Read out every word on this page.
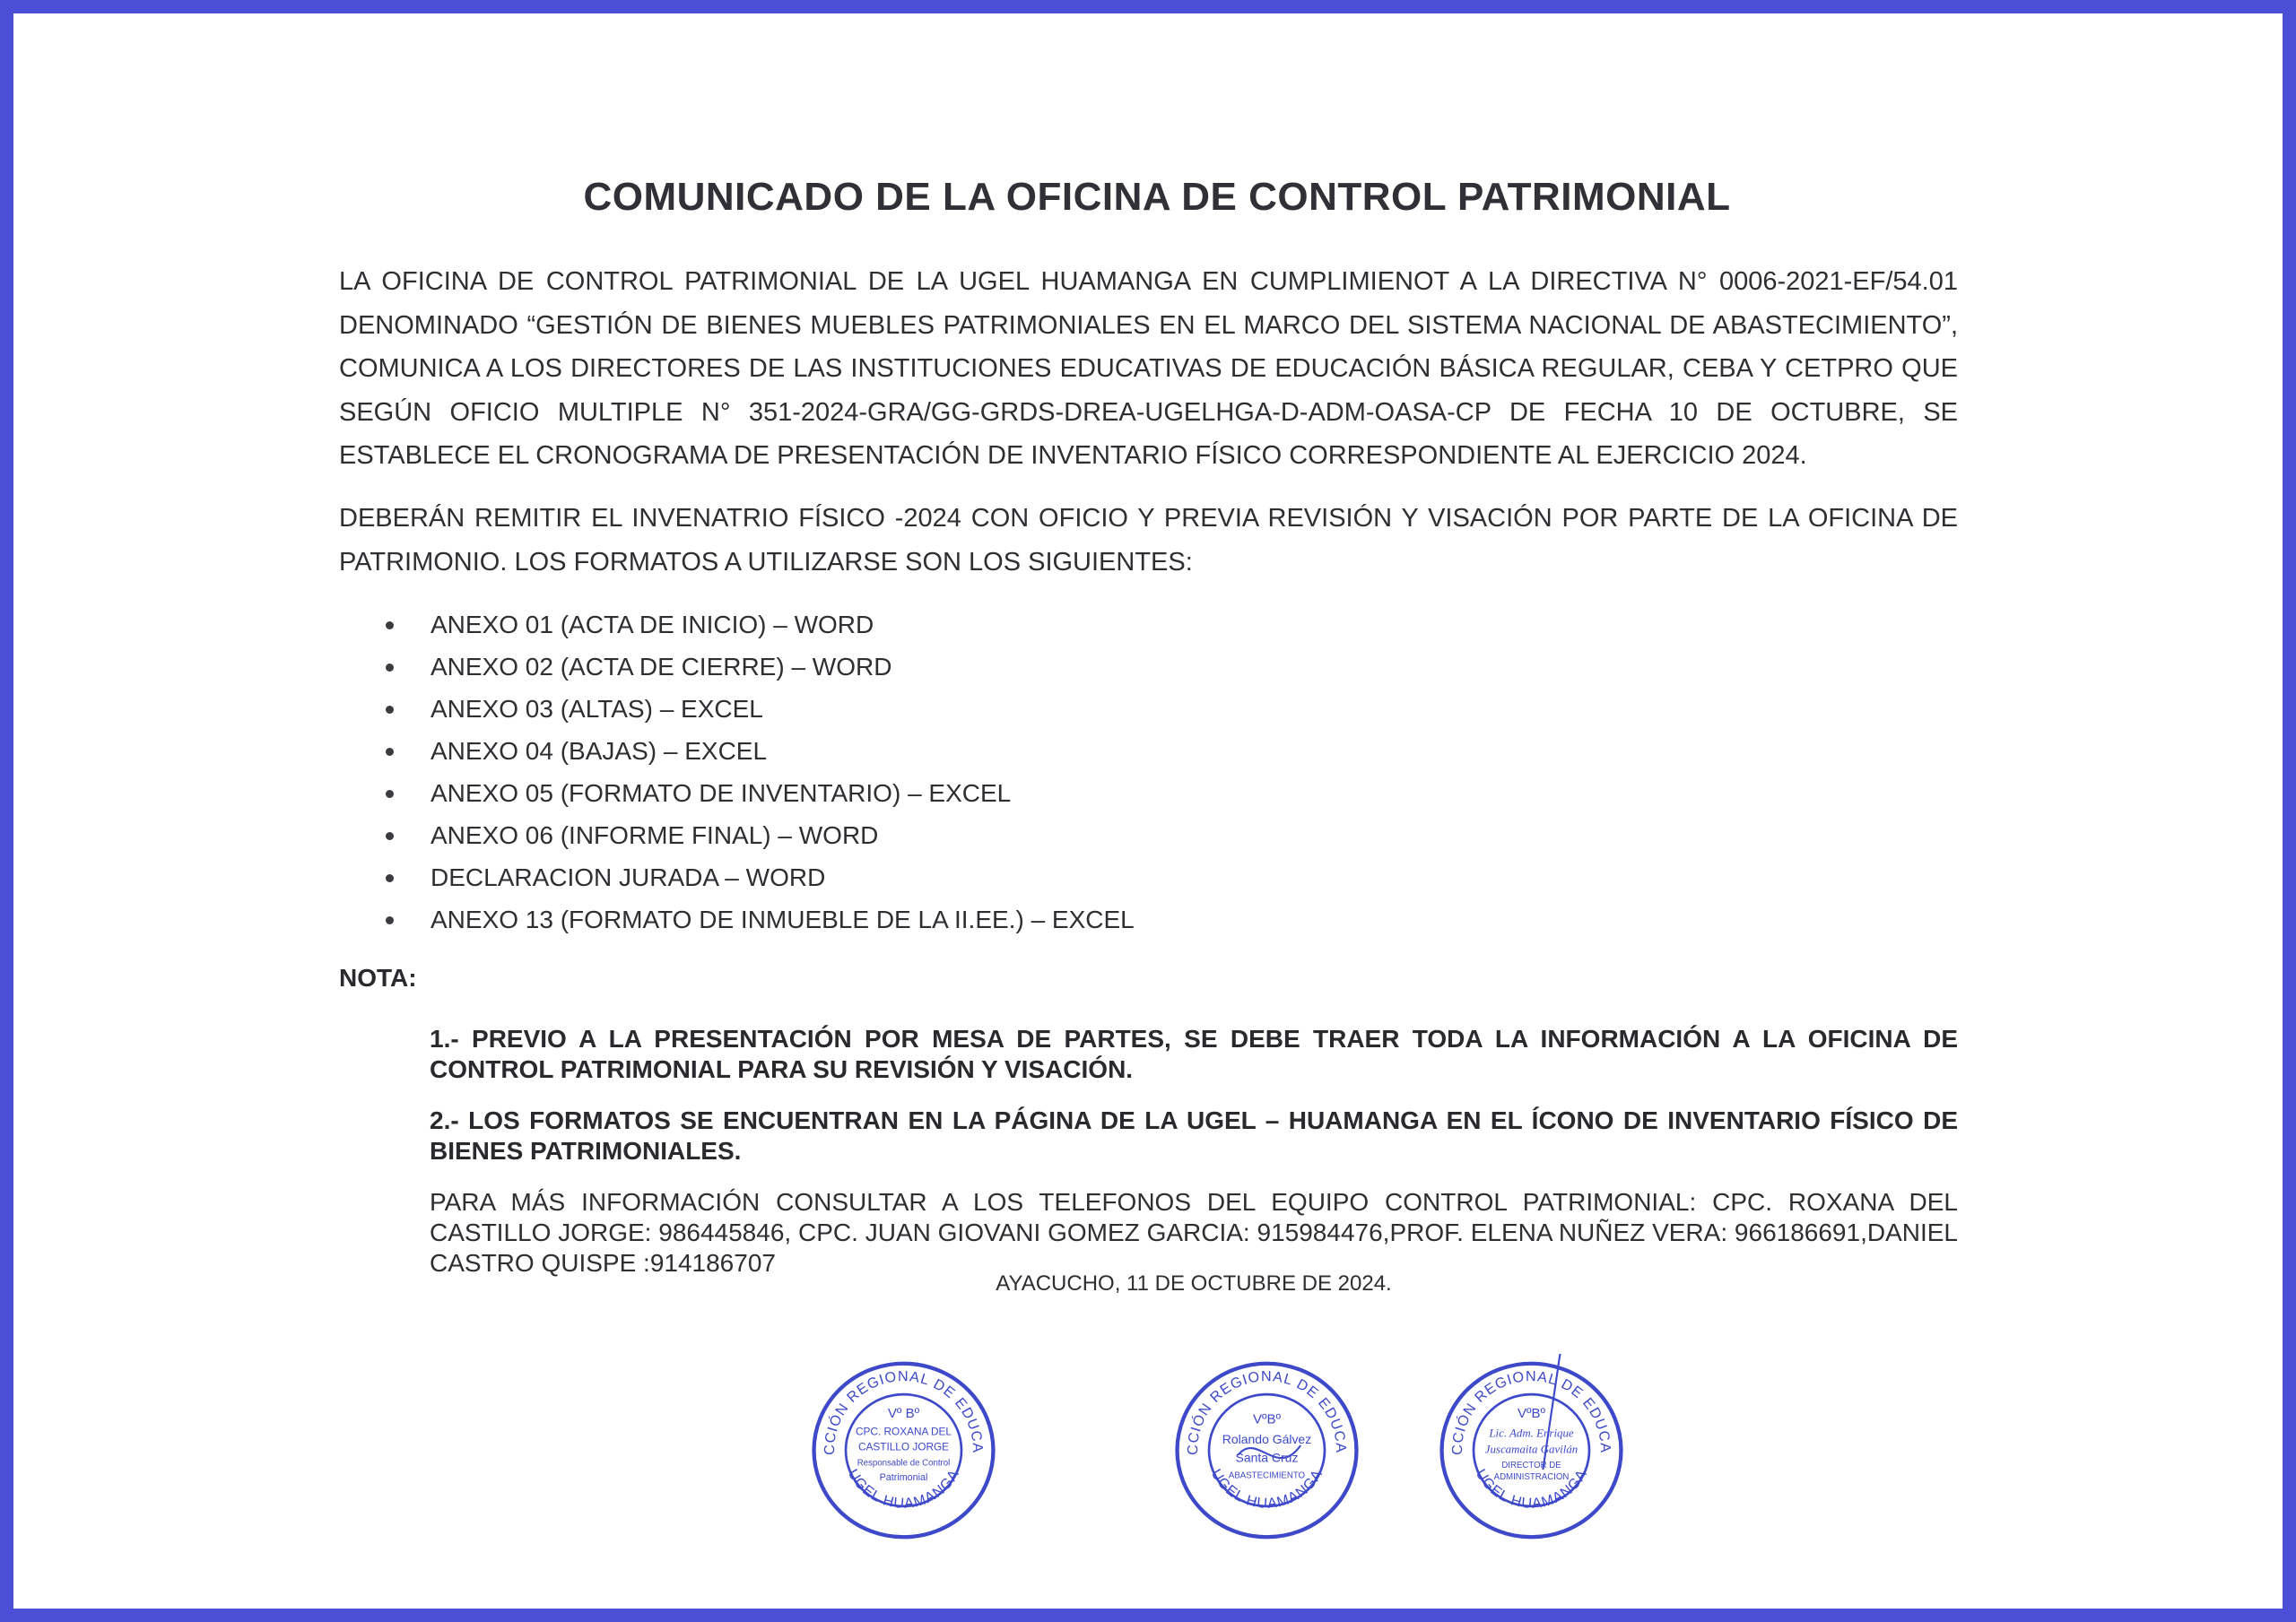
COMUNICADO DE LA OFICINA DE CONTROL PATRIMONIAL

LA OFICINA DE CONTROL PATRIMONIAL DE LA UGEL HUAMANGA EN CUMPLIMIENOT A LA DIRECTIVA N° 0006-2021-EF/54.01 DENOMINADO “GESTIÓN DE BIENES MUEBLES PATRIMONIALES EN EL MARCO DEL SISTEMA NACIONAL DE ABASTECIMIENTO”, COMUNICA A LOS DIRECTORES DE LAS INSTITUCIONES EDUCATIVAS DE EDUCACIÓN BÁSICA REGULAR, CEBA Y CETPRO QUE SEGÚN OFICIO MULTIPLE N° 351-2024-GRA/GG-GRDS-DREA-UGELHGA-D-ADM-OASA-CP DE FECHA 10 DE OCTUBRE, SE ESTABLECE EL CRONOGRAMA DE PRESENTACIÓN DE INVENTARIO FÍSICO CORRESPONDIENTE AL EJERCICIO 2024.

DEBERÁN REMITIR EL INVENATRIO FÍSICO -2024 CON OFICIO Y PREVIA REVISIÓN Y VISACIÓN POR PARTE DE LA OFICINA DE PATRIMONIO. LOS FORMATOS A UTILIZARSE SON LOS SIGUIENTES:

ANEXO 01 (ACTA DE INICIO) – WORD
ANEXO 02 (ACTA DE CIERRE) – WORD
ANEXO 03 (ALTAS) – EXCEL
ANEXO 04 (BAJAS) – EXCEL
ANEXO 05 (FORMATO DE INVENTARIO) – EXCEL
ANEXO 06 (INFORME FINAL) – WORD
DECLARACION JURADA – WORD
ANEXO 13 (FORMATO DE INMUEBLE DE LA II.EE.) – EXCEL

NOTA:

1.- PREVIO A LA PRESENTACIÓN POR MESA DE PARTES, SE DEBE TRAER TODA LA INFORMACIÓN A LA OFICINA DE CONTROL PATRIMONIAL PARA SU REVISIÓN Y VISACIÓN.

2.- LOS FORMATOS SE ENCUENTRAN EN LA PÁGINA DE LA UGEL – HUAMANGA EN EL ÍCONO DE INVENTARIO FÍSICO DE BIENES PATRIMONIALES.

PARA MÁS INFORMACIÓN CONSULTAR A LOS TELEFONOS DEL EQUIPO CONTROL PATRIMONIAL: CPC. ROXANA DEL CASTILLO JORGE: 986445846, CPC. JUAN GIOVANI GOMEZ GARCIA: 915984476,PROF. ELENA NUÑEZ VERA: 966186691,DANIEL CASTRO QUISPE :914186707

AYACUCHO, 11 DE OCTUBRE DE 2024.

CCIÓN REGIONAL DE EDUCA
UGEL HUAMANGA
Vº Bº
CPC. ROXANA DEL
CASTILLO JORGE
Responsable de Control
Patrimonial
CCIÓN REGIONAL DE EDUCA
UGEL HUAMANGA
VºBº
Rolando Gálvez
Santa Cruz
ABASTECIMIENTO
CCIÓN REGIONAL DE EDUCA
UGEL HUAMANGA
VºBº
Lic. Adm. Enrique
Juscamaita Gavilán
DIRECTOR DE
ADMINISTRACION
